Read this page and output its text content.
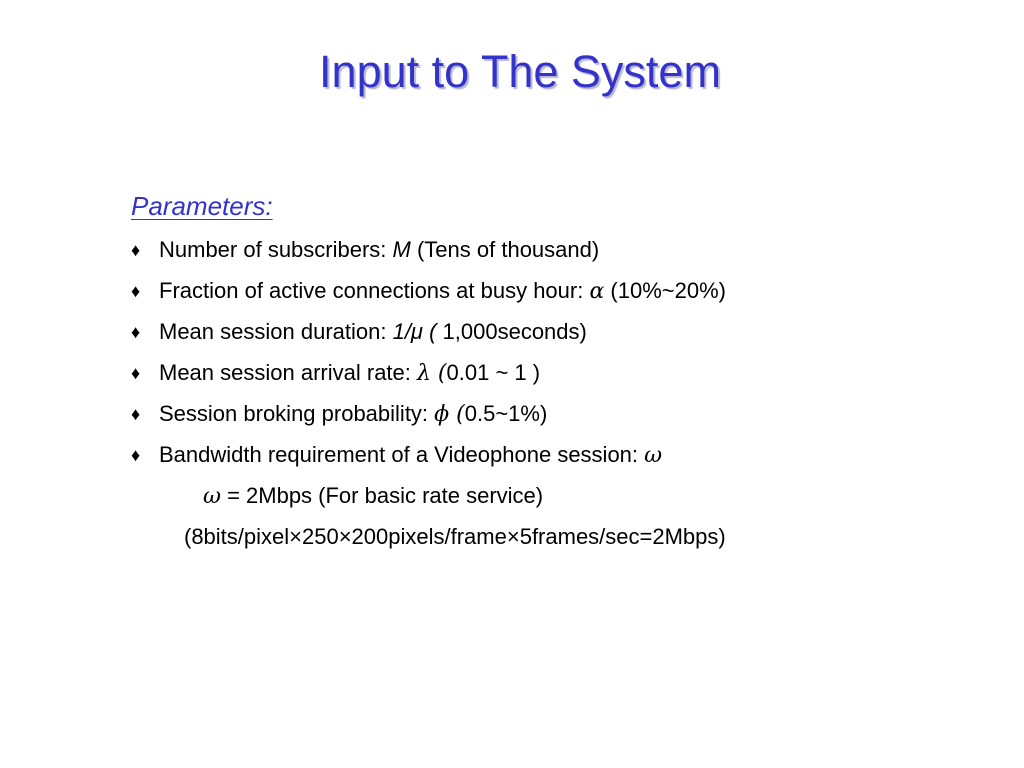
Input to The System
Parameters:
♦ Number of subscribers: M (Tens of thousand)
♦ Fraction of active connections at busy hour: α (10%~20%)
♦ Mean session duration: 1/μ ( 1,000seconds)
♦ Mean session arrival rate: λ (0.01 ~ 1 )
♦ Session broking probability: ϕ (0.5~1%)
♦ Bandwidth requirement of a Videophone session: ω
ω = 2Mbps (For basic rate service)
(8bits/pixel×250×200pixels/frame×5frames/sec=2Mbps)
